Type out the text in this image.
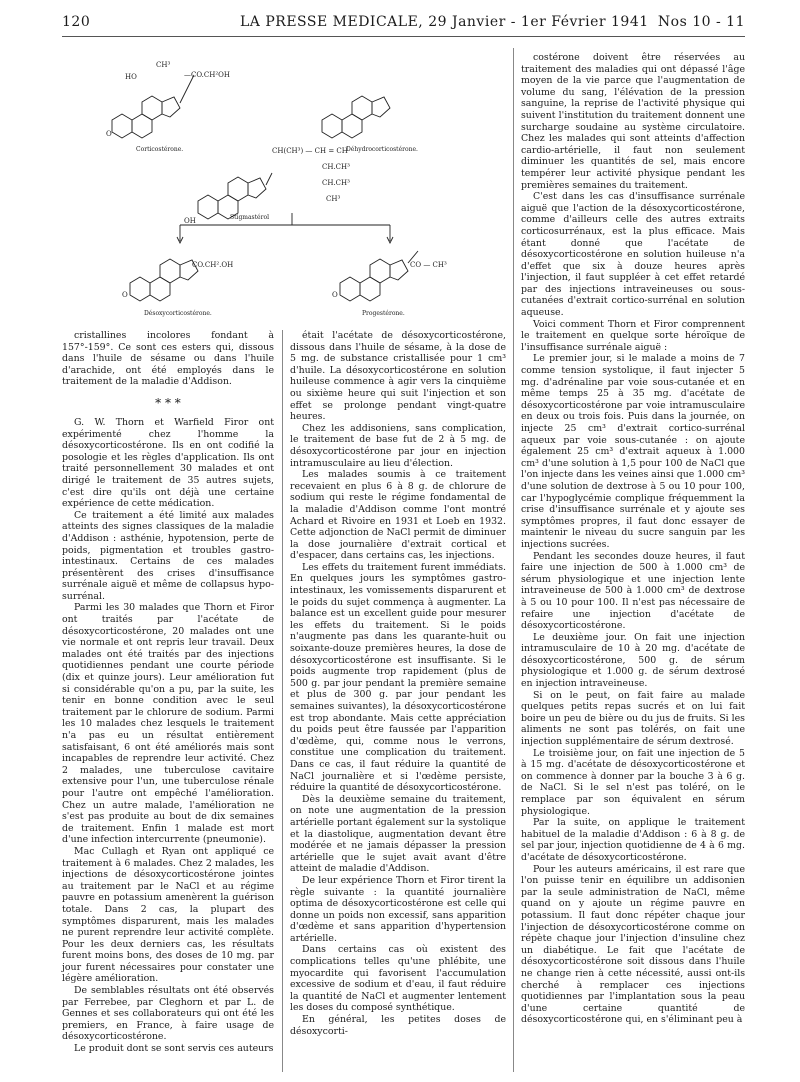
120	LA PRESSE MEDICALE, 29 Janvier - 1er Février 1941 Nos 10 - 11
CH³
—CO.CH²OH
HO
O
Corticostérone.	Déhydrocorticostérone.
CH(CH³) — CH = CH
CH.CH³
CH.CH³
CH³
OH	Stigmastérol
CO.CH².OH
O
Désoxycorticostérone.
CO — CH³
O
Progestérone.

cristallines incolores fondant à 157°-159°. Ce sont ces esters qui, dissous dans l'huile de sésame ou dans l'huile d'arachide, ont été employés dans le traitement de la maladie d'Addison.

* * *

G. W. Thorn et Warfield Firor ont expérimenté chez l'homme la désoxycorticostérone. Ils en ont codifié la posologie et les règles d'application. Ils ont traité personnellement 30 malades et ont dirigé le traitement de 35 autres sujets, c'est dire qu'ils ont déjà une certaine expérience de cette médication.

Ce traitement a été limité aux malades atteints des signes classiques de la maladie d'Addison : asthénie, hypotension, perte de poids, pigmentation et troubles gastro-intestinaux. Certains de ces malades présentèrent des crises d'insuffisance surrénale aiguë et même de collapsus hypo-surrénal.

Parmi les 30 malades que Thorn et Firor ont traités par l'acétate de désoxycorticostérone, 20 malades ont une vie normale et ont repris leur travail. Deux malades ont été traités par des injections quotidiennes pendant une courte période (dix et quinze jours). Leur amélioration fut si considérable qu'on a pu, par la suite, les tenir en bonne condition avec le seul traitement par le chlorure de sodium. Parmi les 10 malades chez lesquels le traitement n'a pas eu un résultat entièrement satisfaisant, 6 ont été améliorés mais sont incapables de reprendre leur activité. Chez 2 malades, une tuberculose cavitaire extensive pour l'un, une tuberculose rénale pour l'autre ont empêché l'amélioration. Chez un autre malade, l'amélioration ne s'est pas produite au bout de dix semaines de traitement. Enfin 1 malade est mort d'une infection intercurrente (pneumonie).

Mac Cullagh et Ryan ont appliqué ce traitement à 6 malades. Chez 2 malades, les injections de désoxycorticostérone jointes au traitement par le NaCl et au régime pauvre en potassium amenèrent la guérison totale. Dans 2 cas, la plupart des symptômes disparurent, mais les malades ne purent reprendre leur activité complète. Pour les deux derniers cas, les résultats furent moins bons, des doses de 10 mg. par jour furent nécessaires pour constater une légère amélioration.

De semblables résultats ont été observés par Ferrebee, par Cleghorn et par L. de Gennes et ses collaborateurs qui ont été les premiers, en France, à faire usage de désoxycorticostérone.

Le produit dont se sont servis ces auteurs

était l'acétate de désoxycorticostérone, dissous dans l'huile de sésame, à la dose de 5 mg. de substance cristallisée pour 1 cm³ d'huile. La désoxycorticostérone en solution huileuse commence à agir vers la cinquième ou sixième heure qui suit l'injection et son effet se prolonge pendant vingt-quatre heures.

Chez les addisoniens, sans complication, le traitement de base fut de 2 à 5 mg. de désoxycorticostérone par jour en injection intramusculaire au lieu d'élection.

Les malades soumis à ce traitement recevaient en plus 6 à 8 g. de chlorure de sodium qui reste le régime fondamental de la maladie d'Addison comme l'ont montré Achard et Rivoire en 1931 et Loeb en 1932. Cette adjonction de NaCl permit de diminuer la dose journalière d'extrait cortical et d'espacer, dans certains cas, les injections.

Les effets du traitement furent immédiats. En quelques jours les symptômes gastro-intestinaux, les vomissements disparurent et le poids du sujet commença à augmenter. La balance est un excellent guide pour mesurer les effets du traitement. Si le poids n'augmente pas dans les quarante-huit ou soixante-douze premières heures, la dose de désoxycorticostérone est insuffisante. Si le poids augmente trop rapidement (plus de 500 g. par jour pendant la première semaine et plus de 300 g. par jour pendant les semaines suivantes), la désoxycorticostérone est trop abondante. Mais cette appréciation du poids peut être faussée par l'apparition d'œdème, qui, comme nous le verrons, constitue une complication du traitement. Dans ce cas, il faut réduire la quantité de NaCl journalière et si l'œdème persiste, réduire la quantité de désoxycorticostérone.

Dès la deuxième semaine du traitement, on note une augmentation de la pression artérielle portant également sur la systolique et la diastolique, augmentation devant être modérée et ne jamais dépasser la pression artérielle que le sujet avait avant d'être atteint de maladie d'Addison.

De leur expérience Thorn et Firor tirent la règle suivante : la quantité journalière optima de désoxycorticostérone est celle qui donne un poids non excessif, sans apparition d'œdème et sans apparition d'hypertension artérielle.

Dans certains cas où existent des complications telles qu'une phlébite, une myocardite qui favorisent l'accumulation excessive de sodium et d'eau, il faut réduire la quantité de NaCl et augmenter lentement les doses du composé synthétique.

En général, les petites doses de désoxycorti-

costérone doivent être réservées au traitement des maladies qui ont dépassé l'âge moyen de la vie parce que l'augmentation de volume du sang, l'élévation de la pression sanguine, la reprise de l'activité physique qui suivent l'institution du traitement donnent une surcharge soudaine au système circulatoire. Chez les malades qui sont atteints d'affection cardio-artérielle, il faut non seulement diminuer les quantités de sel, mais encore tempérer leur activité physique pendant les premières semaines du traitement.

C'est dans les cas d'insuffisance surrénale aiguë que l'action de la désoxycorticostérone, comme d'ailleurs celle des autres extraits corticosurrénaux, est la plus efficace. Mais étant donné que l'acétate de désoxycorticostérone en solution huileuse n'a d'effet que six à douze heures après l'injection, il faut suppléer à cet effet retardé par des injections intraveineuses ou sous-cutanées d'extrait cortico-surrénal en solution aqueuse.

Voici comment Thorn et Firor comprennent le traitement en quelque sorte héroïque de l'insuffisance surrénale aiguë :

Le premier jour, si le malade a moins de 7 comme tension systolique, il faut injecter 5 mg. d'adrénaline par voie sous-cutanée et en même temps 25 à 35 mg. d'acétate de désoxycorticostérone par voie intramusculaire en deux ou trois fois. Puis dans la journée, on injecte 25 cm³ d'extrait cortico-surrénal aqueux par voie sous-cutanée : on ajoute également 25 cm³ d'extrait aqueux à 1.000 cm³ d'une solution à 1,5 pour 100 de NaCl que l'on injecte dans les veines ainsi que 1.000 cm³ d'une solution de dextrose à 5 ou 10 pour 100, car l'hypoglycémie complique fréquemment la crise d'insuffisance surrénale et y ajoute ses symptômes propres, il faut donc essayer de maintenir le niveau du sucre sanguin par les injections sucrées.

Pendant les secondes douze heures, il faut faire une injection de 500 à 1.000 cm³ de sérum physiologique et une injection lente intraveineuse de 500 à 1.000 cm³ de dextrose à 5 ou 10 pour 100. Il n'est pas nécessaire de refaire une injection d'acétate de désoxycorticostérone.

Le deuxième jour. On fait une injection intramusculaire de 10 à 20 mg. d'acétate de désoxycorticostérone, 500 g. de sérum physiologique et 1.000 g. de sérum dextrosé en injection intraveineuse.

Si on le peut, on fait faire au malade quelques petits repas sucrés et on lui fait boire un peu de bière ou du jus de fruits. Si les aliments ne sont pas tolérés, on fait une injection supplémentaire de sérum dextrosé.

Le troisième jour, on fait une injection de 5 à 15 mg. d'acétate de désoxycorticostérone et on commence à donner par la bouche 3 à 6 g. de NaCl. Si le sel n'est pas toléré, on le remplace par son équivalent en sérum physiologique.

Par la suite, on applique le traitement habituel de la maladie d'Addison : 6 à 8 g. de sel par jour, injection quotidienne de 4 à 6 mg. d'acétate de désoxycorticostérone.

Pour les auteurs américains, il est rare que l'on puisse tenir en équilibre un addisonien par la seule administration de NaCl, même quand on y ajoute un régime pauvre en potassium. Il faut donc répéter chaque jour l'injection de désoxycorticostérone comme on répète chaque jour l'injection d'insuline chez un diabétique. Le fait que l'acétate de désoxycorticostérone soit dissous dans l'huile ne change rien à cette nécessité, aussi ont-ils cherché à remplacer ces injections quotidiennes par l'implantation sous la peau d'une certaine quantité de désoxycorticostérone qui, en s'éliminant peu à
